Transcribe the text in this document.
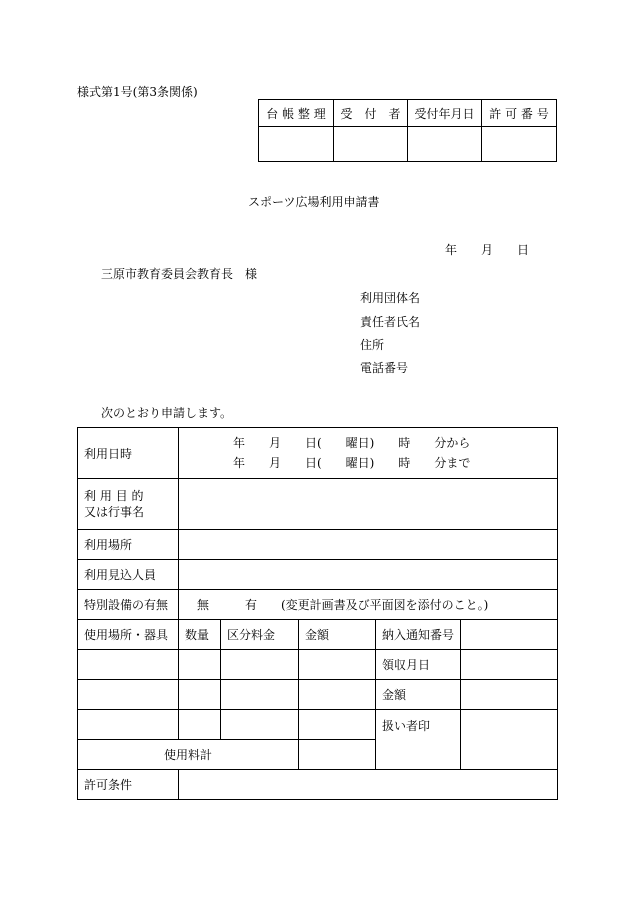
様式第1号(第3条関係)
台 帳 整 理	受　付　者	受付年月日	許 可 番 号

スポーツ広場利用申請書
年　　月　　日
三原市教育委員会教育長　様
利用団体名
責任者氏名
住所
電話番号
次のとおり申請します。
利用日時	年　　月　　日(　　曜日)　　時　　分から
年　　月　　日(　　曜日)　　時　　分まで				

利 用 目 的
又は行事名					

利用場所					
利用見込人員					
特別設備の有無	無　　　有　　(変更計画書及び平面図を添付のこと。)				
使用場所・器具	数量	区分料金	金額	納入通知番号	
				領収月日	
				金額	
				扱い者印	
使用料計					
許可条件					
